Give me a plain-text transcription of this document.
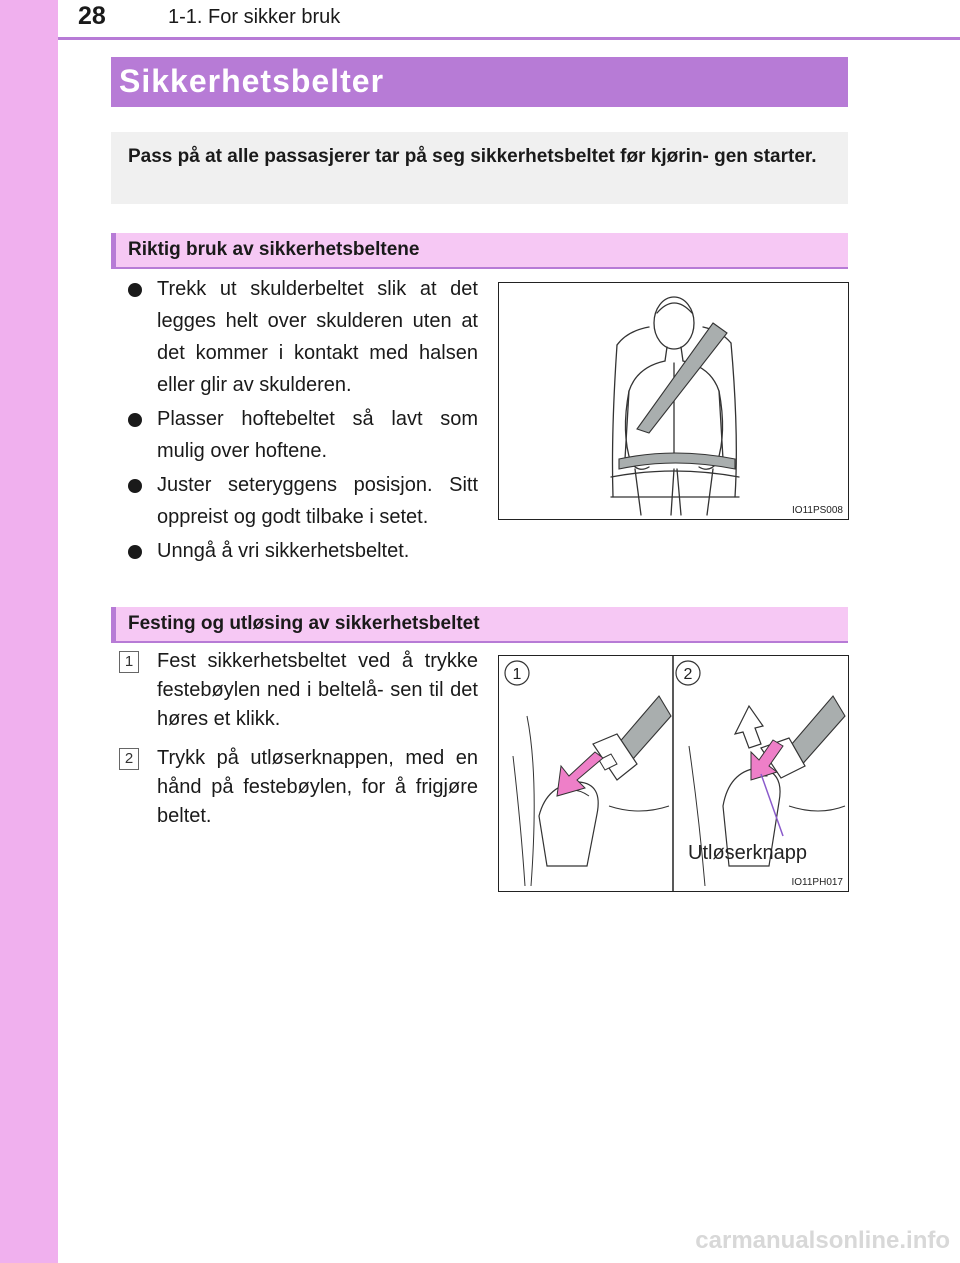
28	1-1. For sikker bruk
Sikkerhetsbelter
Pass på at alle passasjerer tar på seg sikkerhetsbeltet før kjørin- gen starter.
Riktig bruk av sikkerhetsbeltene
Trekk ut skulderbeltet slik at det legges helt over skulderen uten at det kommer i kontakt med halsen eller glir av skulderen.
Plasser hoftebeltet så lavt som mulig over hoftene.
Juster seteryggens posisjon. Sitt oppreist og godt tilbake i setet.
Unngå å vri sikkerhetsbeltet.
IO11PS008
Festing og utløsing av sikkerhetsbeltet
1 Fest sikkerhetsbeltet ved å trykke festebøylen ned i beltelå- sen til det høres et klikk.
2 Trykk på utløserknappen, med en hånd på festebøylen, for å frigjøre beltet.
1	2
Utløserknapp
IO11PH017
carmanualsonline.info
